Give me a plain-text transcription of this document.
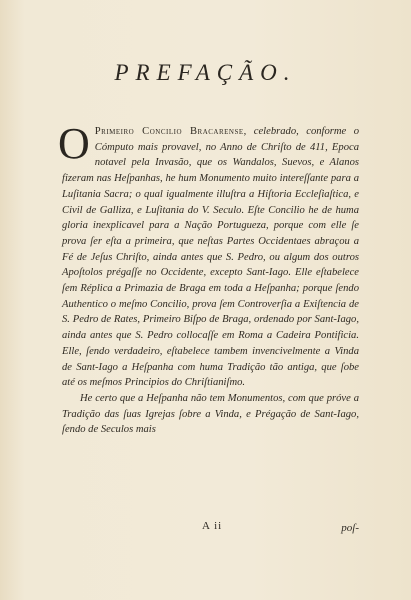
PREFAÇÃO.

O Primeiro Concilio Bracarense, celebrado, conforme o Cómputo mais provavel, no Anno de Chriſto de 411, Epoca notavel pela Invasão, que os Wandalos, Suevos, e Alanos fizeram nas Heſpanhas, he hum Monumento muito intereſſante para a Luſitania Sacra; o qual igualmente illuſtra a Hiſtoria Eccleſiaſtica, e Civil de Galliza, e Luſitania do V. Seculo. Eſte Concilio he de huma gloria inexplicavel para a Nação Portugueza, porque com elle ſe prova ſer eſta a primeira, que neſtas Partes Occidentaes abraçou a Fé de Jeſus Chriſto, ainda antes que S. Pedro, ou algum dos outros Apoſtolos prégaſſe no Occidente, excepto Sant-Iago. Elle eſtabelece ſem Réplica a Primazia de Braga em toda a Heſpanha; porque ſendo Authentico o meſmo Concilio, prova ſem Controverſia a Exiſtencia de S. Pedro de Rates, Primeiro Biſpo de Braga, ordenado por Sant-Iago, ainda antes que S. Pedro collocaſſe em Roma a Cadeira Pontificia. Elle, ſendo verdadeiro, eſtabelece tambem invencivelmente a Vinda de Sant-Iago a Heſpanha com huma Tradição tão antiga, que ſobe até os meſmos Principios do Chriſtianiſmo.

He certo que a Heſpanha não tem Monumentos, com que próve a Tradição das ſuas Igrejas ſobre a Vinda, e Prégação de Sant-Iago, ſendo de Seculos mais

A ii	poſ-
